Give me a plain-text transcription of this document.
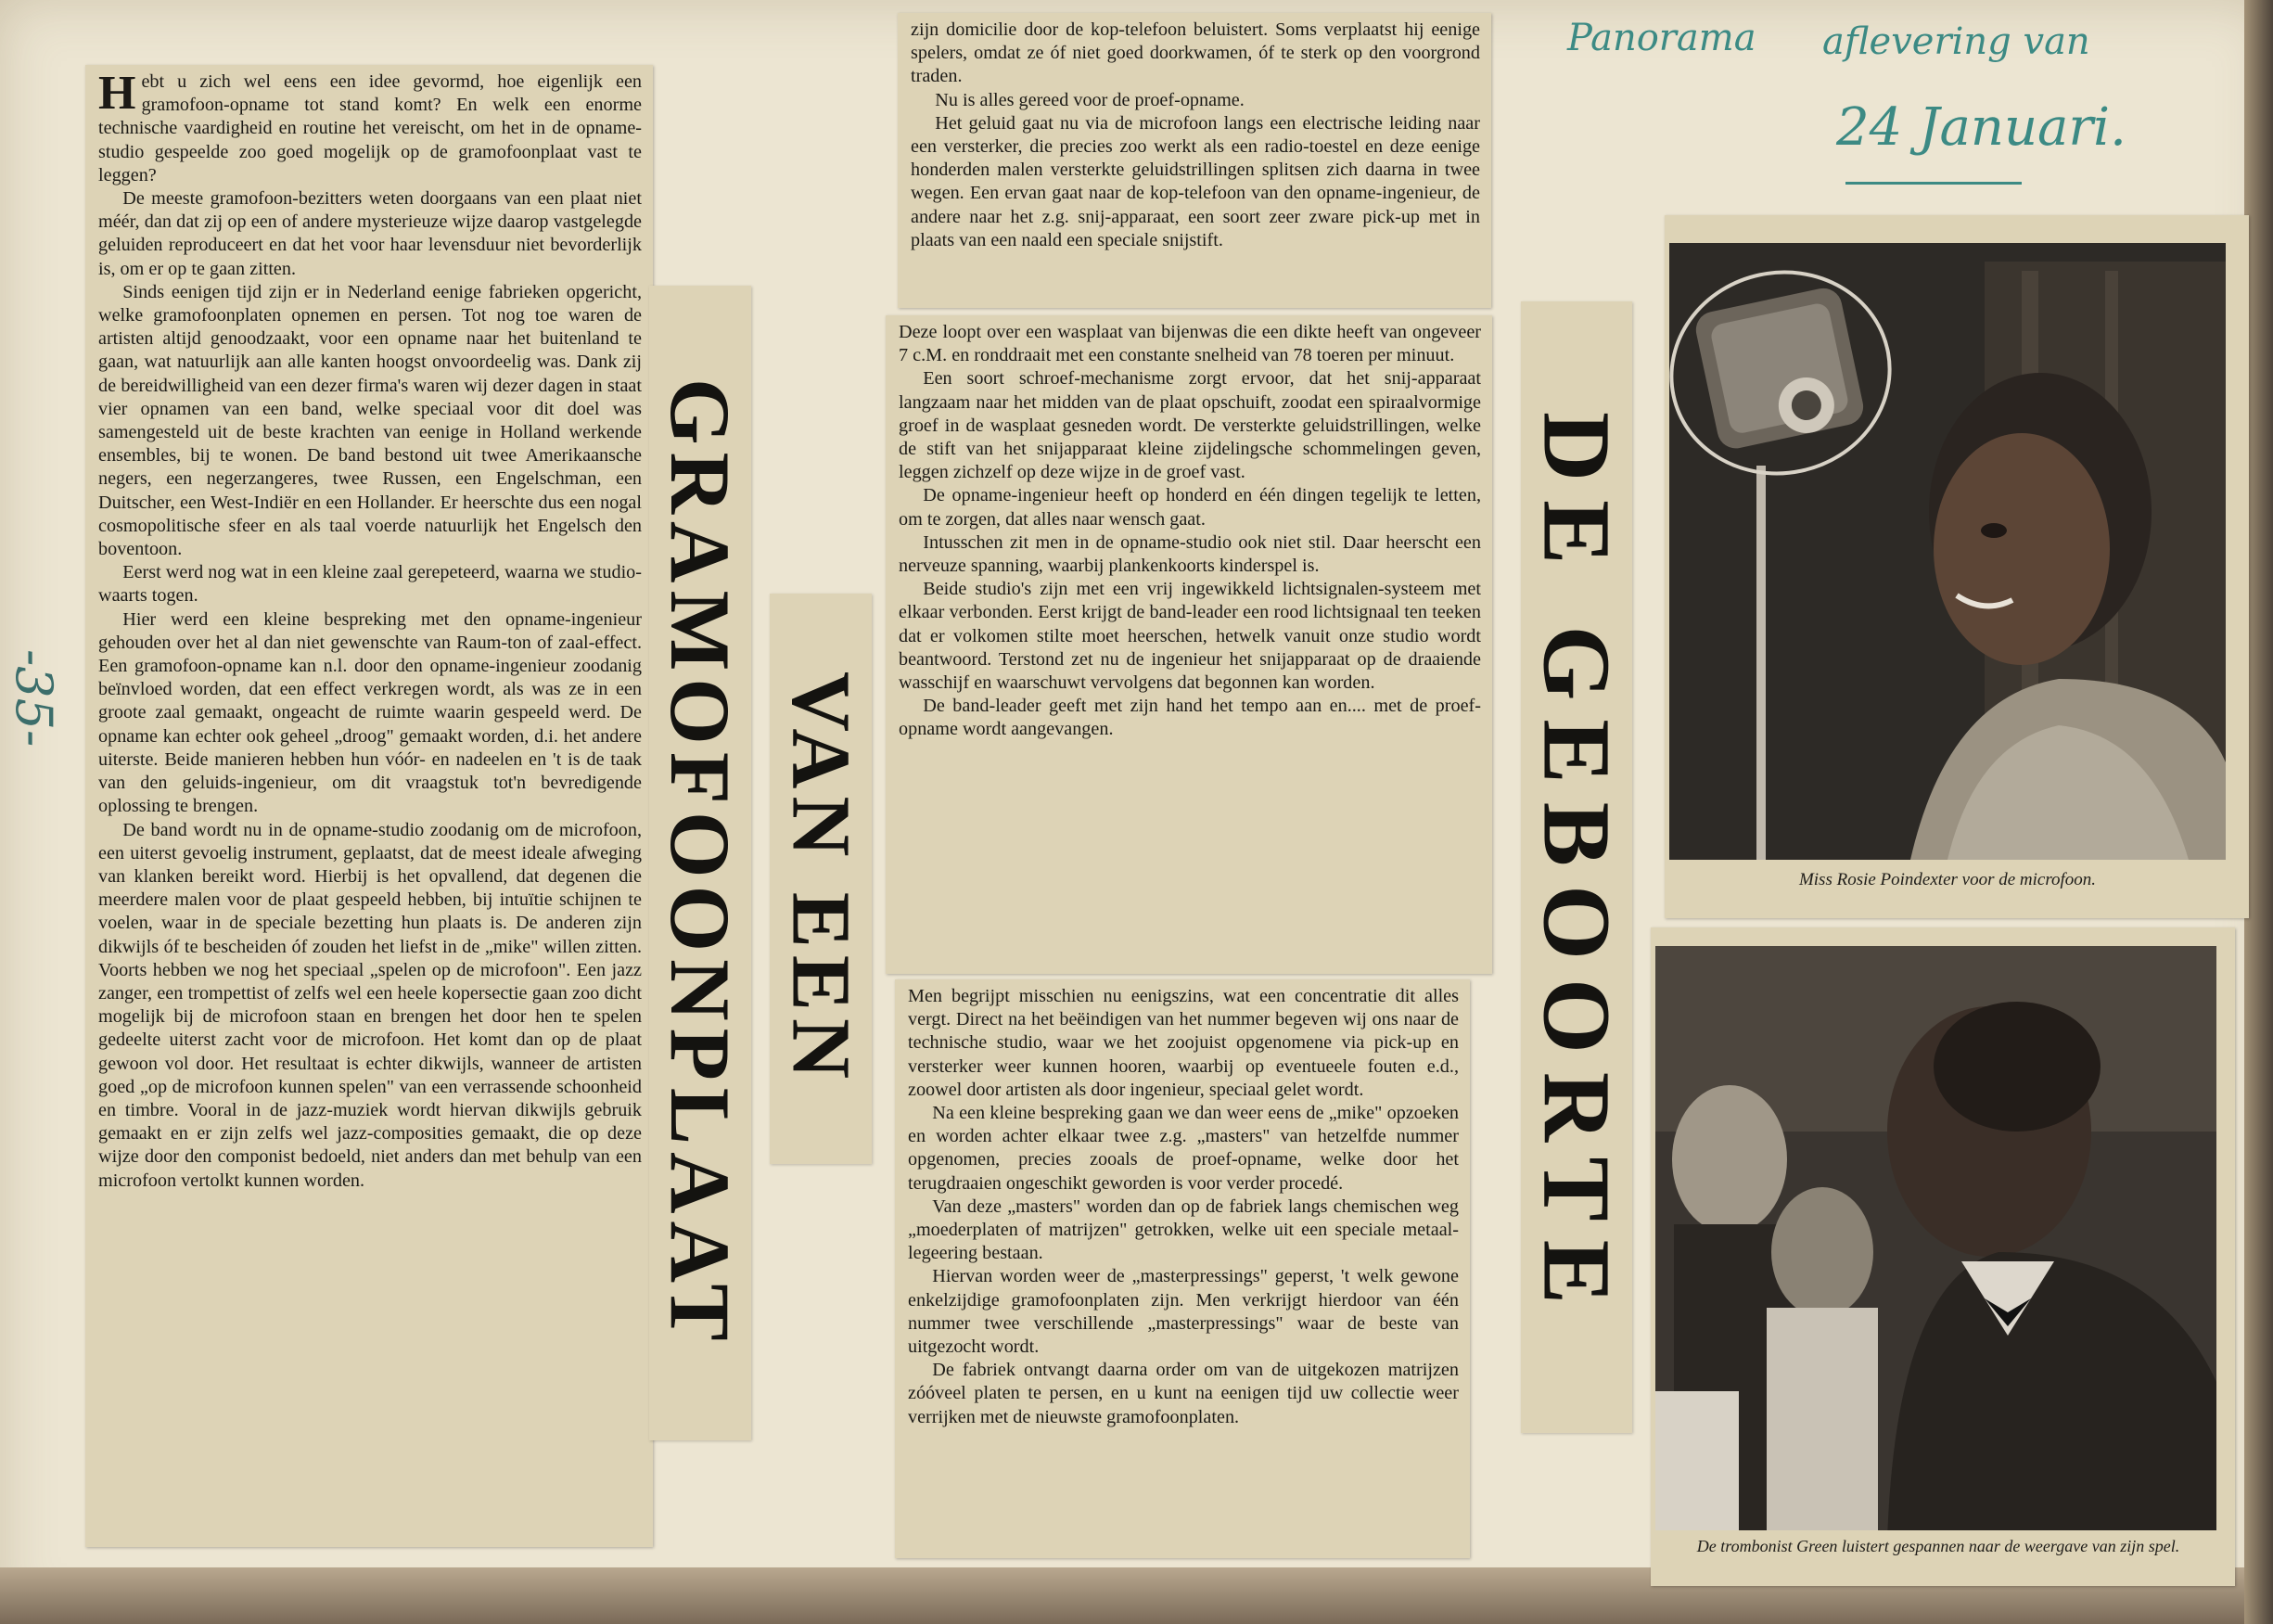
Panorama aflevering van
24 Januari.
-35-

Hebt u zich wel eens een idee gevormd, hoe eigenlijk een gramofoon-opname tot stand komt? En welk een enorme technische vaardigheid en routine het vereischt, om het in de opname-studio gespeelde zoo goed mogelijk op de gramofoonplaat vast te leggen?

De meeste gramofoon-bezitters weten doorgaans van een plaat niet méér, dan dat zij op een of andere mysterieuze wijze daarop vastgelegde geluiden reproduceert en dat het voor haar levensduur niet bevorderlijk is, om er op te gaan zitten.

Sinds eenigen tijd zijn er in Nederland eenige fabrieken opgericht, welke gramofoonplaten opnemen en persen. Tot nog toe waren de artisten altijd genoodzaakt, voor een opname naar het buitenland te gaan, wat natuurlijk aan alle kanten hoogst onvoordeelig was. Dank zij de bereidwilligheid van een dezer firma's waren wij dezer dagen in staat vier opnamen van een band, welke speciaal voor dit doel was samengesteld uit de beste krachten van eenige in Holland werkende ensembles, bij te wonen. De band bestond uit twee Amerikaansche negers, een negerzangeres, twee Russen, een Engelschman, een Duitscher, een West-Indiër en een Hollander. Er heerschte dus een nogal cosmopolitische sfeer en als taal voerde natuurlijk het Engelsch den boventoon.

Eerst werd nog wat in een kleine zaal gerepeteerd, waarna we studio-waarts togen.

Hier werd een kleine bespreking met den opname-ingenieur gehouden over het al dan niet gewenschte van Raum-ton of zaal-effect. Een gramofoon-opname kan n.l. door den opname-ingenieur zoodanig beïnvloed worden, dat een effect verkregen wordt, als was ze in een groote zaal gemaakt, ongeacht de ruimte waarin gespeeld werd. De opname kan echter ook geheel „droog" gemaakt worden, d.i. het andere uiterste. Beide manieren hebben hun vóór- en nadeelen en 't is de taak van den geluids-ingenieur, om dit vraagstuk tot'n bevredigende oplossing te brengen.

De band wordt nu in de opname-studio zoodanig om de microfoon, een uiterst gevoelig instrument, geplaatst, dat de meest ideale afweging van klanken bereikt word. Hierbij is het opvallend, dat degenen die meerdere malen voor de plaat gespeeld hebben, bij intuïtie schijnen te voelen, waar in de speciale bezetting hun plaats is. De anderen zijn dikwijls óf te bescheiden óf zouden het liefst in de „mike" willen zitten. Voorts hebben we nog het speciaal „spelen op de microfoon". Een jazz zanger, een trompettist of zelfs wel een heele kopersectie gaan zoo dicht mogelijk bij de microfoon staan en brengen het door hen te spelen gedeelte uiterst zacht voor de microfoon. Het komt dan op de plaat gewoon vol door. Het resultaat is echter dikwijls, wanneer de artisten goed „op de microfoon kunnen spelen" van een verrassende schoonheid en timbre. Vooral in de jazz-muziek wordt hiervan dikwijls gebruik gemaakt en er zijn zelfs wel jazz-composities gemaakt, die op deze wijze door den componist bedoeld, niet anders dan met behulp van een microfoon vertolkt kunnen worden.	GRAMOFOONPLAAT VAN EEN

zijn domicilie door de kop-telefoon beluistert. Soms verplaatst hij eenige spelers, omdat ze óf niet goed doorkwamen, óf te sterk op den voorgrond traden.

Nu is alles gereed voor de proef-opname.

Het geluid gaat nu via de microfoon langs een electrische leiding naar een versterker, die precies zoo werkt als een radio-toestel en deze eenige honderden malen versterkte geluidstrillingen splitsen zich daarna in twee wegen. Een ervan gaat naar de kop-telefoon van den opname-ingenieur, de andere naar het z.g. snij-apparaat, een soort zeer zware pick-up met in plaats van een naald een speciale snijstift.

Deze loopt over een wasplaat van bijenwas die een dikte heeft van ongeveer 7 c.M. en ronddraait met een constante snelheid van 78 toeren per minuut.

Een soort schroef-mechanisme zorgt ervoor, dat het snij-apparaat langzaam naar het midden van de plaat opschuift, zoodat een spiraalvormige groef in de wasplaat gesneden wordt. De versterkte geluidstrillingen, welke de stift van het snijapparaat kleine zijdelingsche schommelingen geven, leggen zichzelf op deze wijze in de groef vast.

De opname-ingenieur heeft op honderd en één dingen tegelijk te letten, om te zorgen, dat alles naar wensch gaat.

Intusschen zit men in de opname-studio ook niet stil. Daar heerscht een nerveuze spanning, waarbij plankenkoorts kinderspel is.

Beide studio's zijn met een vrij ingewikkeld lichtsignalen-systeem met elkaar verbonden. Eerst krijgt de band-leader een rood lichtsignaal ten teeken dat er volkomen stilte moet heerschen, hetwelk vanuit onze studio wordt beantwoord. Terstond zet nu de ingenieur het snijapparaat op de draaiende wasschijf en waarschuwt vervolgens dat begonnen kan worden.

De band-leader geeft met zijn hand het tempo aan en.... met de proef-opname wordt aangevangen.

Men begrijpt misschien nu eenigszins, wat een concentratie dit alles vergt. Direct na het beëindigen van het nummer begeven wij ons naar de technische studio, waar we het zoojuist opgenomene via pick-up en versterker weer kunnen hooren, waarbij op eventueele fouten e.d., zoowel door artisten als door ingenieur, speciaal gelet wordt.

Na een kleine bespreking gaan we dan weer eens de „mike" opzoeken en worden achter elkaar twee z.g. „masters" van hetzelfde nummer opgenomen, precies zooals de proef-opname, welke door het terugdraaien ongeschikt geworden is voor verder procedé.

Van deze „masters" worden dan op de fabriek langs chemischen weg „moederplaten of matrijzen" getrokken, welke uit een speciale metaal-legeering bestaan.

Hiervan worden weer de „masterpressings" geperst, 't welk gewone enkelzijdige gramofoonplaten zijn. Men verkrijgt hierdoor van één nummer twee verschillende „masterpressings" waar de beste van uitgezocht wordt.

De fabriek ontvangt daarna order om van de uitgekozen matrijzen zóóveel platen te persen, en u kunt na eenigen tijd uw collectie weer verrijken met de nieuwste gramofoonplaten.

DE GEBOORTE	Miss Rosie Poindexter voor de microfoon.
De trombonist Green luistert gespannen naar de weergave van zijn spel.
